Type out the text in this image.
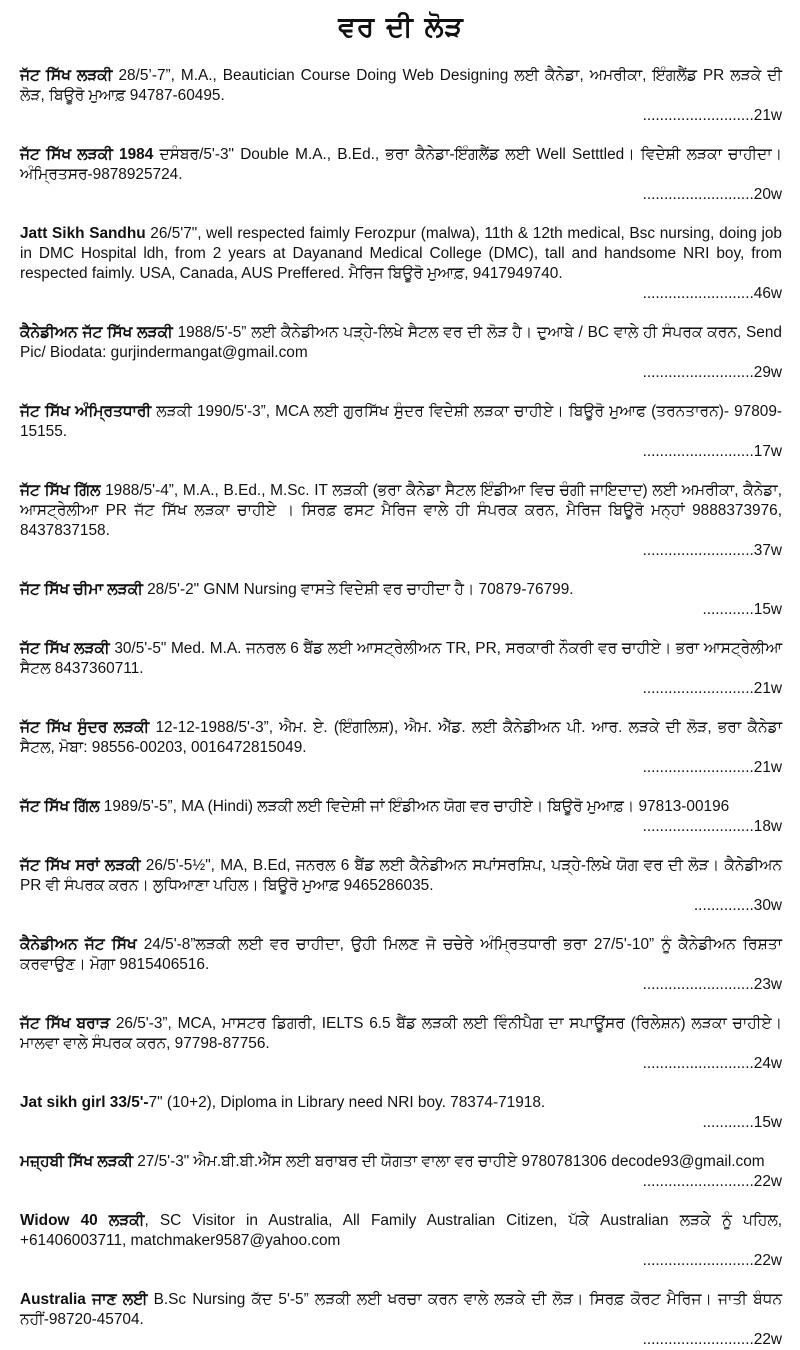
ਵਰ ਦੀ ਲੋੜ

ਜੱਟ ਸਿੱਖ ਲੜਕੀ 28/5’-7”, M.A., Beautician Course Doing Web Designing ਲਈ ਕੈਨੇਡਾ, ਅਮਰੀਕਾ, ਇੰਗਲੈਂਡ PR ਲੜਕੇ ਦੀ ਲੋੜ, ਬਿਊਰੋ ਮੁਆਫ਼ 94787-60495.

..........................21w

ਜੱਟ ਸਿੱਖ ਲੜਕੀ 1984 ਦਸੰਬਰ/5'-3" Double M.A., B.Ed., ਭਰਾ ਕੈਨੇਡਾ-ਇੰਗਲੈਂਡ ਲਈ Well Setttled। ਵਿਦੇਸ਼ੀ ਲੜਕਾ ਚਾਹੀਦਾ। ਅੰਮ੍ਰਿਤਸਰ-9878925724.

..........................20w

Jatt Sikh Sandhu 26/5'7", well respected faimly Ferozpur (malwa), 11th & 12th medical, Bsc nursing, doing job in DMC Hospital ldh, from 2 years at Dayanand Medical College (DMC), tall and handsome NRI boy, from respected faimly. USA, Canada, AUS Preffered. ਮੈਰਿਜ ਬਿਊਰੋ ਮੁਆਫ਼, 9417949740.

..........................46w

ਕੈਨੇਡੀਅਨ ਜੱਟ ਸਿੱਖ ਲੜਕੀ 1988/5'-5” ਲਈ ਕੈਨੇਡੀਅਨ ਪੜ੍ਹੇ-ਲਿਖੇ ਸੈਟਲ ਵਰ ਦੀ ਲੋੜ ਹੈ। ਦੁਆਬੇ / BC ਵਾਲੇ ਹੀ ਸੰਪਰਕ ਕਰਨ, Send Pic/ Biodata: gurjindermangat@gmail.com

..........................29w

ਜੱਟ ਸਿੱਖ ਅੰਮ੍ਰਿਤਧਾਰੀ ਲੜਕੀ 1990/5'-3”, MCA ਲਈ ਗੁਰਸਿੱਖ ਸੁੰਦਰ ਵਿਦੇਸ਼ੀ ਲੜਕਾ ਚਾਹੀਏ। ਬਿਊਰੋ ਮੁਆਫ (ਤਰਨਤਾਰਨ)- 97809-15155.

..........................17w

ਜੱਟ ਸਿੱਖ ਗਿੱਲ 1988/5'-4”, M.A., B.Ed., M.Sc. IT ਲੜਕੀ (ਭਰਾ ਕੈਨੇਡਾ ਸੈਟਲ ਇੰਡੀਆ ਵਿਚ ਚੰਗੀ ਜਾਇਦਾਦ) ਲਈ ਅਮਰੀਕਾ, ਕੈਨੇਡਾ, ਆਸਟ੍ਰੇਲੀਆ PR ਜੱਟ ਸਿੱਖ ਲੜਕਾ ਚਾਹੀਏ । ਸਿਰਫ਼ ਫਸਟ ਮੈਰਿਜ ਵਾਲੇ ਹੀ ਸੰਪਰਕ ਕਰਨ, ਮੈਰਿਜ ਬਿਊਰੋ ਮਨ੍ਹਾਂ 9888373976, 8437837158.

..........................37w

ਜੱਟ ਸਿੱਖ ਚੀਮਾ ਲੜਕੀ 28/5'-2" GNM Nursing ਵਾਸਤੇ ਵਿਦੇਸ਼ੀ ਵਰ ਚਾਹੀਦਾ ਹੈ। 70879-76799.

............15w

ਜੱਟ ਸਿੱਖ ਲੜਕੀ 30/5'-5" Med. M.A. ਜਨਰਲ 6 ਬੈਂਡ ਲਈ ਆਸਟ੍ਰੇਲੀਅਨ TR, PR, ਸਰਕਾਰੀ ਨੌਕਰੀ ਵਰ ਚਾਹੀਏ। ਭਰਾ ਆਸਟ੍ਰੇਲੀਆ ਸੈਟਲ 8437360711.

..........................21w

ਜੱਟ ਸਿੱਖ ਸੁੰਦਰ ਲੜਕੀ 12-12-1988/5'-3”, ਐਮ. ਏ. (ਇੰਗਲਿਸ਼), ਐਮ. ਐੱਡ. ਲਈ ਕੈਨੇਡੀਅਨ ਪੀ. ਆਰ. ਲੜਕੇ ਦੀ ਲੋੜ, ਭਰਾ ਕੈਨੇਡਾ ਸੈਟਲ, ਮੋਬਾ: 98556-00203, 0016472815049.

..........................21w

ਜੱਟ ਸਿੱਖ ਗਿੱਲ 1989/5'-5”, MA (Hindi) ਲੜਕੀ ਲਈ ਵਿਦੇਸ਼ੀ ਜਾਂ ਇੰਡੀਅਨ ਯੋਗ ਵਰ ਚਾਹੀਏ। ਬਿਊਰੋ ਮੁਆਫ਼। 97813-00196

..........................18w

ਜੱਟ ਸਿੱਖ ਸਰਾਂ ਲੜਕੀ 26/5'-5½", MA, B.Ed, ਜਨਰਲ 6 ਬੈਂਡ ਲਈ ਕੈਨੇਡੀਅਨ ਸਪਾਂਸਰਸ਼ਿਪ, ਪੜ੍ਹੇ-ਲਿਖੇ ਯੋਗ ਵਰ ਦੀ ਲੋੜ। ਕੈਨੇਡੀਅਨ PR ਵੀ ਸੰਪਰਕ ਕਰਨ। ਲੁਧਿਆਣਾ ਪਹਿਲ। ਬਿਊਰੋ ਮੁਆਫ਼ 9465286035.

..............30w

ਕੈਨੇਡੀਅਨ ਜੱਟ ਸਿੱਖ 24/5'-8”ਲੜਕੀ ਲਈ ਵਰ ਚਾਹੀਦਾ, ਉਹੀ ਮਿਲਣ ਜੋ ਚਚੇਰੇ ਅੰਮ੍ਰਿਤਧਾਰੀ ਭਰਾ 27/5'-10” ਨੂੰ ਕੈਨੇਡੀਅਨ ਰਿਸ਼ਤਾ ਕਰਵਾਉਣ। ਮੋਗਾ 9815406516.

..........................23w

ਜੱਟ ਸਿੱਖ ਬਰਾੜ 26/5'-3”, MCA, ਮਾਸਟਰ ਡਿਗਰੀ, IELTS 6.5 ਬੈਂਡ ਲੜਕੀ ਲਈ ਵਿੰਨੀਪੈਗ ਦਾ ਸਪਾਊਂਸਰ (ਰਿਲੇਸ਼ਨ) ਲੜਕਾ ਚਾਹੀਏ। ਮਾਲਵਾ ਵਾਲੇ ਸੰਪਰਕ ਕਰਨ, 97798-87756.

..........................24w

Jat sikh girl 33/5'-7" (10+2), Diploma in Library need NRI boy. 78374-71918.

............15w

ਮਜ਼੍ਹਬੀ ਸਿੱਖ ਲੜਕੀ 27/5'-3" ਐਮ.ਬੀ.ਬੀ.ਐੱਸ ਲਈ ਬਰਾਬਰ ਦੀ ਯੋਗਤਾ ਵਾਲਾ ਵਰ ਚਾਹੀਏ 9780781306 decode93@gmail.com

..........................22w

Widow 40 ਲੜਕੀ, SC Visitor in Australia, All Family Australian Citizen, ਪੱਕੇ Australian ਲੜਕੇ ਨੂੰ ਪਹਿਲ, +61406003711, matchmaker9587@yahoo.com

..........................22w

Australia ਜਾਣ ਲਈ B.Sc Nursing ਕੱਦ 5'-5” ਲੜਕੀ ਲਈ ਖਰਚਾ ਕਰਨ ਵਾਲੇ ਲੜਕੇ ਦੀ ਲੋੜ। ਸਿਰਫ਼ ਕੋਰਟ ਮੈਰਿਜ। ਜਾਤੀ ਬੰਧਨ ਨਹੀਂ-98720-45704.

..........................22w
